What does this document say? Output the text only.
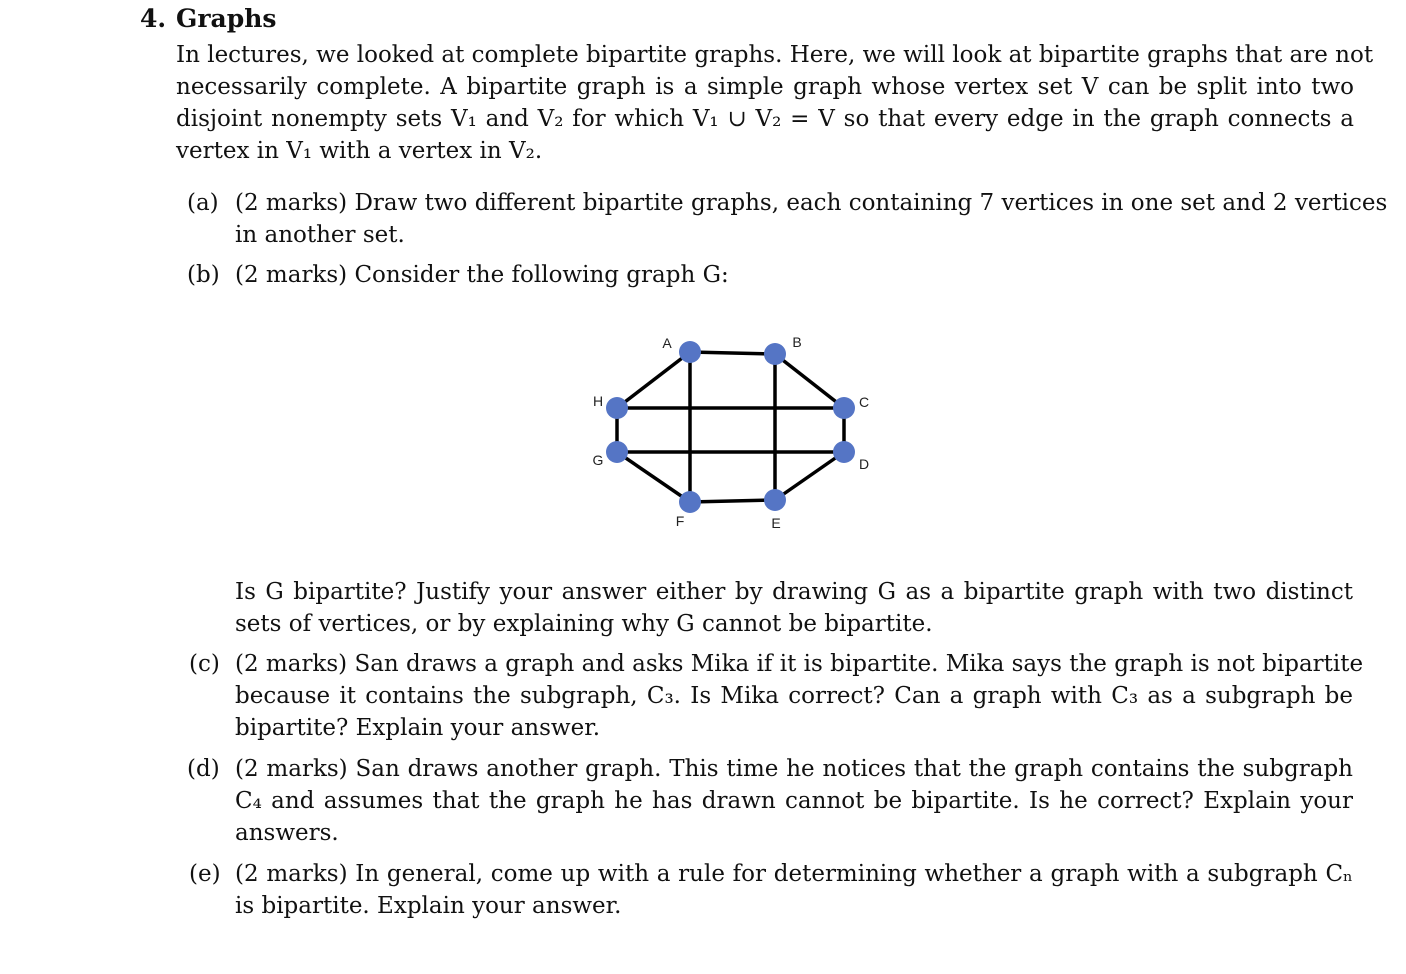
4. Graphs
In lectures, we looked at complete bipartite graphs. Here, we will look at bipartite graphs that are not
necessarily complete. A bipartite graph is a simple graph whose vertex set V can be split into two
disjoint nonempty sets V₁ and V₂ for which V₁ ∪ V₂ = V so that every edge in the graph connects a
vertex in V₁ with a vertex in V₂.
(a) (2 marks) Draw two different bipartite graphs, each containing 7 vertices in one set and 2 vertices
in another set.
(b) (2 marks) Consider the following graph G:
A	B
C
D
E
F
G
H
Is G bipartite? Justify your answer either by drawing G as a bipartite graph with two distinct
sets of vertices, or by explaining why G cannot be bipartite.
(c) (2 marks) San draws a graph and asks Mika if it is bipartite. Mika says the graph is not bipartite
because it contains the subgraph, C₃. Is Mika correct? Can a graph with C₃ as a subgraph be
bipartite? Explain your answer.
(d) (2 marks) San draws another graph. This time he notices that the graph contains the subgraph
C₄ and assumes that the graph he has drawn cannot be bipartite. Is he correct? Explain your
answers.
(e) (2 marks) In general, come up with a rule for determining whether a graph with a subgraph Cₙ
is bipartite. Explain your answer.
